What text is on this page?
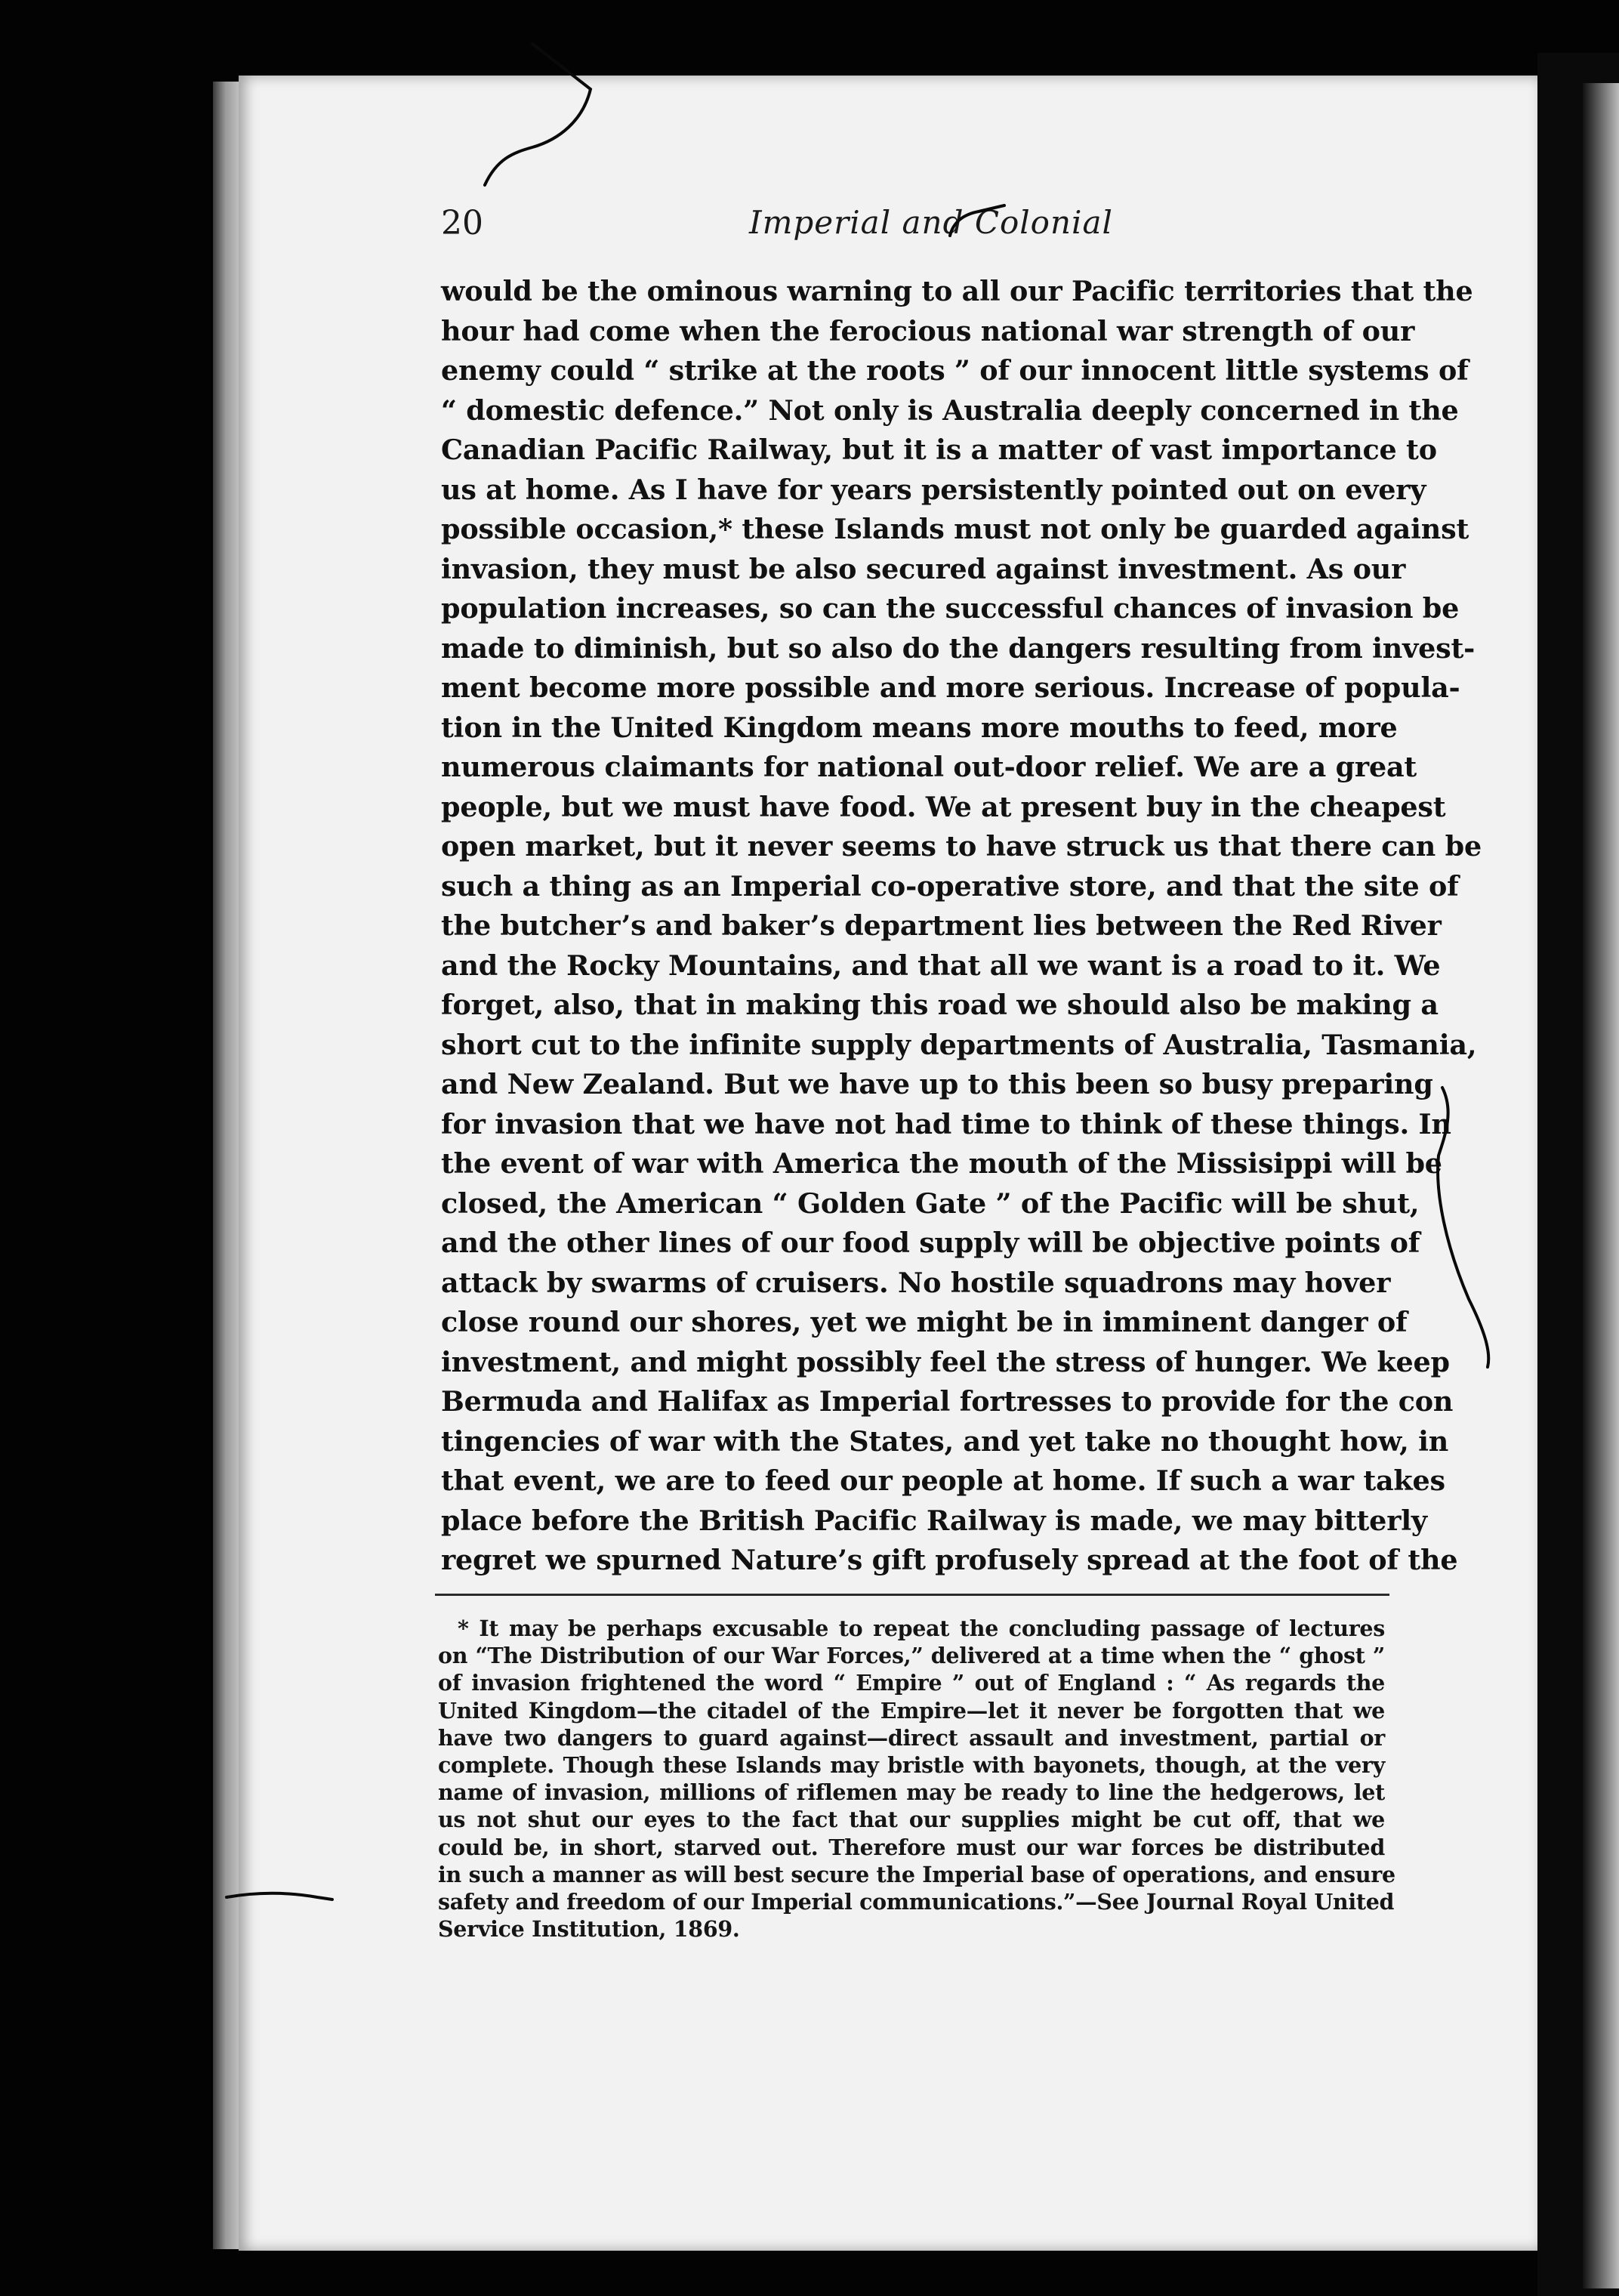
20	Imperial and Colonial
would be the ominous warning to all our Pacific territories that the
hour had come when the ferocious national war strength of our
enemy could “ strike at the roots ” of our innocent little systems of
“ domestic defence.” Not only is Australia deeply concerned in the
Canadian Pacific Railway, but it is a matter of vast importance to
us at home. As I have for years persistently pointed out on every
possible occasion,* these Islands must not only be guarded against
invasion, they must be also secured against investment. As our
population increases, so can the successful chances of invasion be
made to diminish, but so also do the dangers resulting from invest-
ment become more possible and more serious. Increase of popula-
tion in the United Kingdom means more mouths to feed, more
numerous claimants for national out-door relief. We are a great
people, but we must have food. We at present buy in the cheapest
open market, but it never seems to have struck us that there can be
such a thing as an Imperial co-operative store, and that the site of
the butcher’s and baker’s department lies between the Red River
and the Rocky Mountains, and that all we want is a road to it. We
forget, also, that in making this road we should also be making a
short cut to the infinite supply departments of Australia, Tasmania,
and New Zealand. But we have up to this been so busy preparing
for invasion that we have not had time to think of these things. In
the event of war with America the mouth of the Missisippi will be
closed, the American “ Golden Gate ” of the Pacific will be shut,
and the other lines of our food supply will be objective points of
attack by swarms of cruisers. No hostile squadrons may hover
close round our shores, yet we might be in imminent danger of
investment, and might possibly feel the stress of hunger. We keep
Bermuda and Halifax as Imperial fortresses to provide for the con
tingencies of war with the States, and yet take no thought how, in
that event, we are to feed our people at home. If such a war takes
place before the British Pacific Railway is made, we may bitterly
regret we spurned Nature’s gift profusely spread at the foot of the
* It may be perhaps excusable to repeat the concluding passage of lectures
on “The Distribution of our War Forces,” delivered at a time when the “ ghost ”
of invasion frightened the word “ Empire ” out of England : “ As regards the
United Kingdom—the citadel of the Empire—let it never be forgotten that we
have two dangers to guard against—direct assault and investment, partial or
complete. Though these Islands may bristle with bayonets, though, at the very
name of invasion, millions of riflemen may be ready to line the hedgerows, let
us not shut our eyes to the fact that our supplies might be cut off, that we
could be, in short, starved out. Therefore must our war forces be distributed
in such a manner as will best secure the Imperial base of operations, and ensure
safety and freedom of our Imperial communications.”—See Journal Royal United
Service Institution, 1869.
